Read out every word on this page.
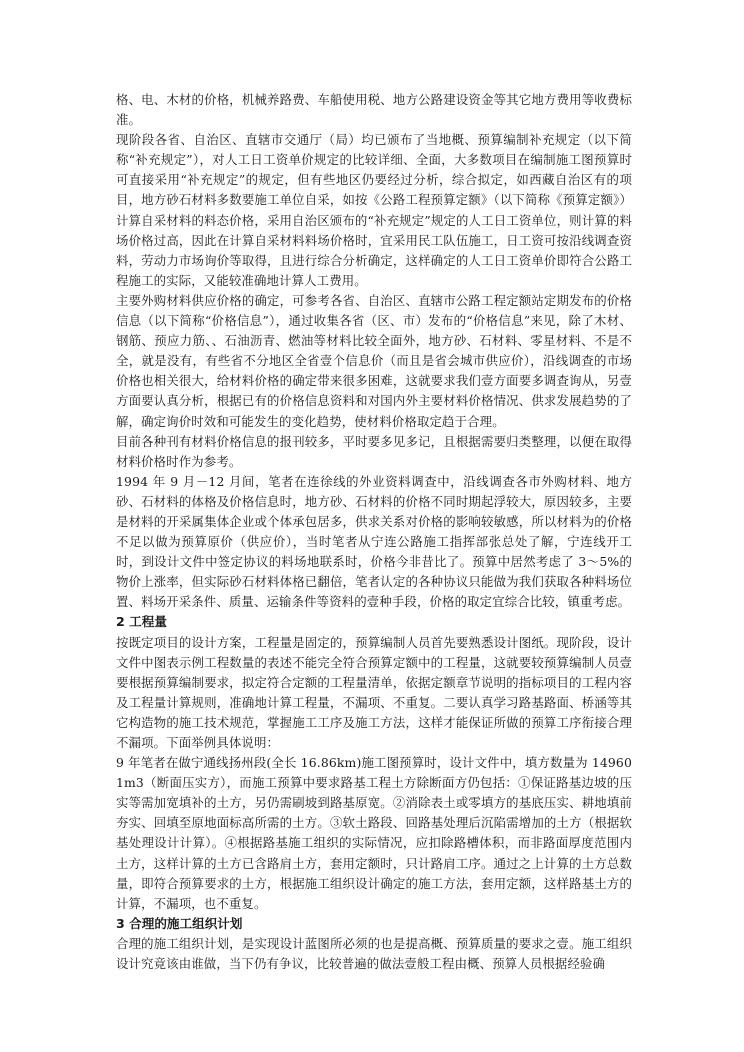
格、电、木材的价格，机械养路费、车船使用税、地方公路建设资金等其它地方费用等收费标准。

现阶段各省、自治区、直辖市交通厅（局）均已颁布了当地概、预算编制补充规定（以下简称“补充规定”），对人工日工资单价规定的比较详细、全面，大多数项目在编制施工图预算时可直接采用“补充规定”的规定，但有些地区仍要经过分析，综合拟定，如西藏自治区有的项目，地方砂石材料多数要施工单位自采，如按《公路工程预算定额》（以下简称《预算定额》）计算自采材料的料态价格，采用自治区颁布的“补充规定”规定的人工日工资单位，则计算的料场价格过高，因此在计算自采材料料场价格时，宜采用民工队伍施工，日工资可按沿线调查资料，劳动力市场询价等取得，且进行综合分析确定，这样确定的人工日工资单价即符合公路工程施工的实际，又能较准确地计算人工费用。

主要外购材料供应价格的确定，可参考各省、自治区、直辖市公路工程定额站定期发布的价格信息（以下简称“价格信息”），通过收集各省（区、市）发布的“价格信息”来见，除了木材、钢筋、预应力筋、、石油沥青、燃油等材料比较全面外，地方砂、石材料、零星材料、不是不全，就是没有，有些省不分地区全省壹个信息价（而且是省会城市供应价），沿线调查的市场价格也相关很大，给材料价格的确定带来很多困难，这就要求我们壹方面要多调查询从，另壹方面要认真分析，根据已有的价格信息资料和对国内外主要材料价格情况、供求发展趋势的了解，确定询价时效和可能发生的变化趋势，使材料价格取定趋于合理。

目前各种刊有材料价格信息的报刊较多，平时要多见多记，且根据需要归类整理，以便在取得材料价格时作为参考。

1994 年 9 月－12 月间，笔者在连徐线的外业资料调查中，沿线调查各市外购材料、地方砂、石材料的体格及价格信息时，地方砂、石材料的价格不同时期起浮较大，原因较多，主要是材料的开采属集体企业或个体承包居多，供求关系对价格的影响较敏感，所以材料为的价格不足以做为预算原价（供应价），当时笔者从宁连公路施工指挥部张总处了解，宁连线开工时，到设计文件中签定协议的料场地联系时，价格今非昔比了。预算中居然考虑了 3～5%的物价上涨率，但实际砂石材料体格已翻倍，笔者认定的各种协议只能做为我们获取各种料场位置、料场开采条件、质量、运输条件等资料的壹种手段，价格的取定宜综合比较，镇重考虑。

2 工程量

按既定项目的设计方案，工程量是固定的，预算编制人员首先要熟悉设计图纸。现阶段，设计文件中图表示例工程数量的表述不能完全符合预算定额中的工程量，这就要较预算编制人员壹要根据预算编制要求，拟定符合定额的工程量清单，依据定额章节说明的指标项目的工程内容及工程量计算规则，准确地计算工程量，不漏项、不重复。二要认真学习路基路面、桥涵等其它构造物的施工技术规范，掌握施工工序及施工方法，这样才能保证所做的预算工序衔接合理不漏项。下面举例具体说明：

9 年笔者在做宁通线扬州段(全长 16.86km)施工图预算时，设计文件中，填方数量为 149601m3（断面压实方），而施工预算中要求路基工程土方除断面方仍包括：①保证路基边坡的压实等需加宽填补的土方，另仍需刷坡到路基原宽。②消除表土或零填方的基底压实、耕地填前夯实、回填至原地面标高所需的土方。③软土路段、回路基处理后沉陷需增加的土方（根据软基处理设计计算）。④根据路基施工组织的实际情况，应扣除路槽体积，而非路面厚度范围内土方，这样计算的土方已含路肩土方，套用定额时，只计路肩工序。通过之上计算的土方总数量，即符合预算要求的土方，根据施工组织设计确定的施工方法，套用定额，这样路基土方的计算，不漏项，也不重复。

3 合理的施工组织计划

合理的施工组织计划，是实现设计蓝图所必须的也是提高概、预算质量的要求之壹。施工组织设计究竟该由谁做，当下仍有争议，比较普遍的做法壹般工程由概、预算人员根据经验确
